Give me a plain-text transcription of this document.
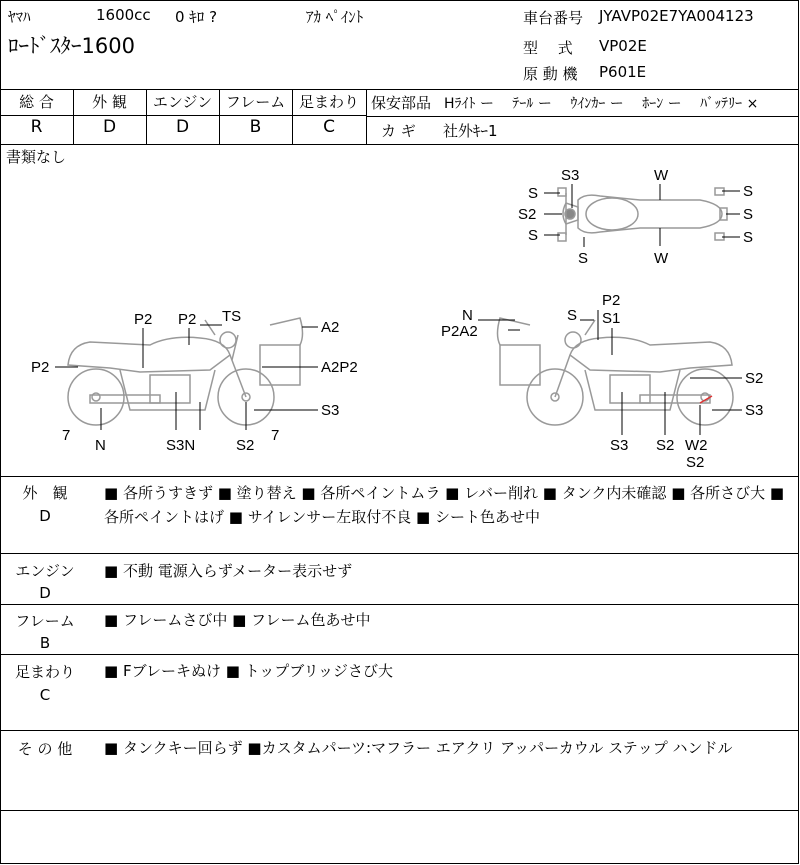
ﾔﾏﾊ	1600cc 0 ｷﾛ ?	ｱｶ ﾍﾟｲﾝﾄ
ﾛｰﾄﾞｽﾀｰ1600
車台番号 JYAVP02E7YA004123
型　 式 VP02E
原 動 機 P601E
総 合	外 観	エンジン フレーム 足まわり
R	D	D	B	C
保安部品 Hﾗｲﾄ ー　 ﾃｰﾙ ー　 ｳｲﾝｶｰ ー　 ﾎｰﾝ ー　 ﾊﾞｯﾃﾘｰ ×
カ ギ 社外ｷｰ1
書類なし
S3	W
S
S2
S
S	W
S
S
S
P2 P2 TS
A2
A2P2
P2
S3
7
N	S3N	S2
7
P2
N	S S1
P2A2
S2
S3
S3 S2 W2
S2
外　観
D
■ 各所うすきず ■ 塗り替え ■ 各所ペイントムラ ■ レバー削れ ■ タンク内未確認 ■ 各所さび大 ■ 各所ペイントはげ ■ サイレンサー左取付不良 ■ シート色あせ中
エンジン
D
■ 不動 電源入らずメーター表示せず
フレーム
B
■ フレームさび中 ■ フレーム色あせ中
足まわり
C
■ Fブレーキぬけ ■ トップブリッジさび大
そ の 他	■ タンクキー回らず ■カスタムパーツ:マフラー エアクリ アッパーカウル ステップ ハンドル
